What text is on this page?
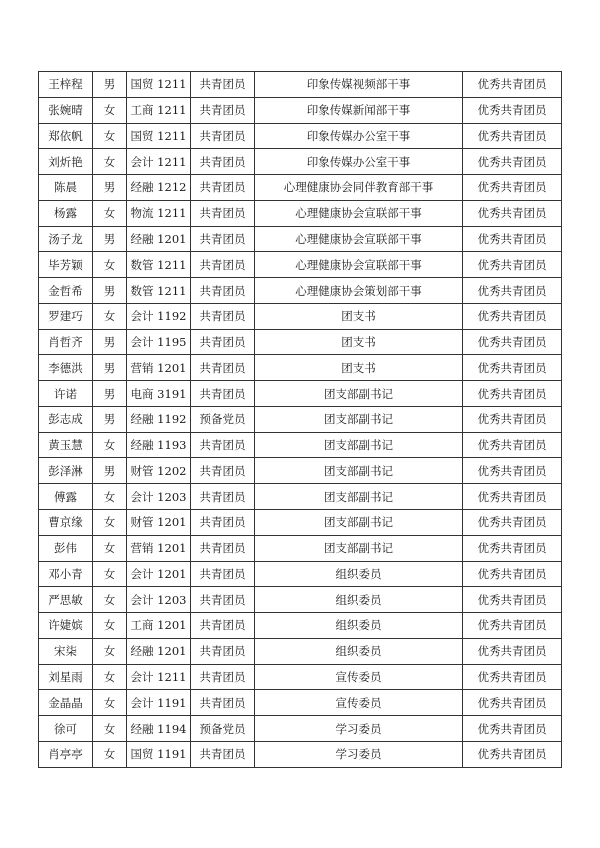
王梓程	男	国贸 1211	共青团员	印象传媒视频部干事	优秀共青团员
张婉晴	女	工商 1211	共青团员	印象传媒新闻部干事	优秀共青团员
郑依帆	女	国贸 1211	共青团员	印象传媒办公室干事	优秀共青团员
刘炘艳	女	会计 1211	共青团员	印象传媒办公室干事	优秀共青团员
陈晨	男	经融 1212	共青团员	心理健康协会同伴教育部干事	优秀共青团员
杨露	女	物流 1211	共青团员	心理健康协会宣联部干事	优秀共青团员
汤子龙	男	经融 1201	共青团员	心理健康协会宣联部干事	优秀共青团员
毕芳颖	女	数管 1211	共青团员	心理健康协会宣联部干事	优秀共青团员
金哲希	男	数管 1211	共青团员	心理健康协会策划部干事	优秀共青团员
罗建巧	女	会计 1192	共青团员	团支书	优秀共青团员
肖哲齐	男	会计 1195	共青团员	团支书	优秀共青团员
李德洪	男	营销 1201	共青团员	团支书	优秀共青团员
许诺	男	电商 3191	共青团员	团支部副书记	优秀共青团员
彭志成	男	经融 1192	预备党员	团支部副书记	优秀共青团员
黄玉慧	女	经融 1193	共青团员	团支部副书记	优秀共青团员
彭泽淋	男	财管 1202	共青团员	团支部副书记	优秀共青团员
傅露	女	会计 1203	共青团员	团支部副书记	优秀共青团员
曹京缘	女	财管 1201	共青团员	团支部副书记	优秀共青团员
彭伟	女	营销 1201	共青团员	团支部副书记	优秀共青团员
邓小青	女	会计 1201	共青团员	组织委员	优秀共青团员
严思敏	女	会计 1203	共青团员	组织委员	优秀共青团员
许婕嫔	女	工商 1201	共青团员	组织委员	优秀共青团员
宋柒	女	经融 1201	共青团员	组织委员	优秀共青团员
刘星雨	女	会计 1211	共青团员	宣传委员	优秀共青团员
金晶晶	女	会计 1191	共青团员	宣传委员	优秀共青团员
徐可	女	经融 1194	预备党员	学习委员	优秀共青团员
肖亭亭	女	国贸 1191	共青团员	学习委员	优秀共青团员
